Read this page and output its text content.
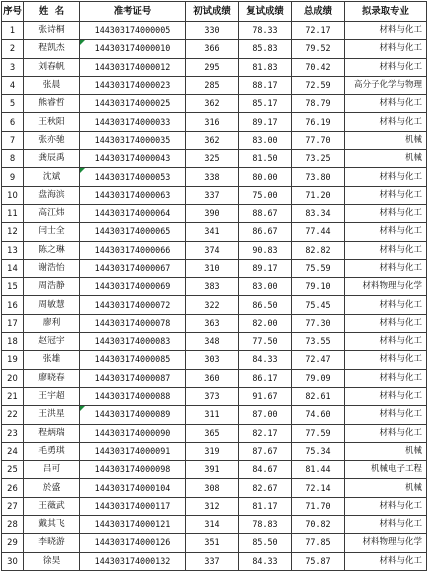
序号	姓  名	准考证号	初试成绩	复试成绩	总成绩	拟录取专业
1	张诗桐	144303174000005	330	78.33	72.17	材料与化工
2	程凯杰	144303174000010	366	85.83	79.52	材料与化工
3	刘春帆	144303174000012	295	81.83	70.42	材料与化工
4	张晨	144303174000023	285	88.17	72.59	高分子化学与物理
5	熊睿哲	144303174000025	362	85.17	78.79	材料与化工
6	王秋阳	144303174000033	316	89.17	76.19	材料与化工
7	张亦驰	144303174000035	362	83.00	77.70	机械
8	龚辰禹	144303174000043	325	81.50	73.25	机械
9	沈斌	144303174000053	338	80.00	73.80	材料与化工
10	盘海滨	144303174000063	337	75.00	71.20	材料与化工
11	高江炜	144303174000064	390	88.67	83.34	材料与化工
12	闫士全	144303174000065	341	86.67	77.44	材料与化工
13	陈之琳	144303174000066	374	90.83	82.82	材料与化工
14	谢浩怡	144303174000067	310	89.17	75.59	材料与化工
15	周浩静	144303174000069	383	83.00	79.10	材料物理与化学
16	周敏慧	144303174000072	322	86.50	75.45	材料与化工
17	廖利	144303174000078	363	82.00	77.30	材料与化工
18	赵冠宇	144303174000083	348	77.50	73.55	材料与化工
19	张雄	144303174000085	303	84.33	72.47	材料与化工
20	廖晓春	144303174000087	360	86.17	79.09	材料与化工
21	王宇超	144303174000088	373	91.67	82.61	材料与化工
22	王洪星	144303174000089	311	87.00	74.60	材料与化工
23	程炳瑞	144303174000090	365	82.17	77.59	材料与化工
24	毛勇琪	144303174000091	319	87.67	75.34	机械
25	吕可	144303174000098	391	84.67	81.44	机械电子工程
26	於盛	144303174000104	308	82.67	72.14	机械
27	王薇武	144303174000117	312	81.17	71.70	材料与化工
28	戴其飞	144303174000121	314	78.83	70.82	材料与化工
29	李晓游	144303174000126	351	85.50	77.85	材料物理与化学
30	徐昊	144303174000132	337	84.33	75.87	材料与化工
